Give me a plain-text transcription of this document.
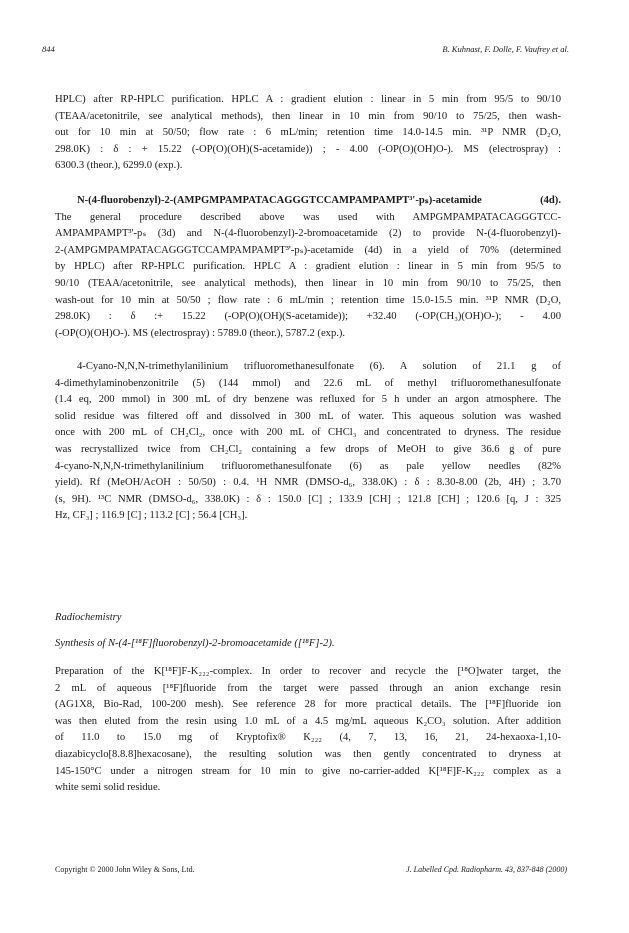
844	B. Kuhnast, F. Dolle, F. Vaufrey et al.
HPLC) after RP-HPLC purification. HPLC A : gradient elution : linear in 5 min from 95/5 to 90/10
(TEAA/acetonitrile, see analytical methods), then linear in 10 min from 90/10 to 75/25, then wash-
out for 10 min at 50/50; flow rate : 6 mL/min; retention time 14.0-14.5 min. ³¹P NMR (D₂O,
298.0K) : δ : + 15.22 (-OP(O)(OH)(S-acetamide)) ; - 4.00 (-OP(O)(OH)O-). MS (electrospray) :
6300.3 (theor.), 6299.0 (exp.).
N-(4-fluorobenzyl)-2-(AMPGMPAMPATACAGGGTCCAMPAMPAMPT³'-pₛ)-acetamide (4d).
The general procedure described above was used with AMPGMPAMPATACAGGGTCC-
AMPAMPAMPT³'-pₛ (3d) and N-(4-fluorobenzyl)-2-bromoacetamide (2) to provide N-(4-fluorobenzyl)-
2-(AMPGMPAMPATACAGGGTCCAMPAMPAMPT³'-pₛ)-acetamide (4d) in a yield of 70% (determined
by HPLC) after RP-HPLC purification. HPLC A : gradient elution : linear in 5 min from 95/5 to
90/10 (TEAA/acetonitrile, see analytical methods), then linear in 10 min from 90/10 to 75/25, then
wash-out for 10 min at 50/50 ; flow rate : 6 mL/min ; retention time 15.0-15.5 min. ³¹P NMR (D₂O,
298.0K) : δ :+ 15.22 (-OP(O)(OH)(S-acetamide)); +32.40 (-OP(CH₃)(OH)O-); - 4.00
(-OP(O)(OH)O-). MS (electrospray) : 5789.0 (theor.), 5787.2 (exp.).
4-Cyano-N,N,N-trimethylanilinium trifluoromethanesulfonate (6). A solution of 21.1 g of
4-dimethylaminobenzonitrile (5) (144 mmol) and 22.6 mL of methyl trifluoromethanesulfonate
(1.4 eq, 200 mmol) in 300 mL of dry benzene was refluxed for 5 h under an argon atmosphere. The
solid residue was filtered off and dissolved in 300 mL of water. This aqueous solution was washed
once with 200 mL of CH₂Cl₂, once with 200 mL of CHCl₃ and concentrated to dryness. The residue
was recrystallized twice from CH₂Cl₂ containing a few drops of MeOH to give 36.6 g of pure
4-cyano-N,N,N-trimethylanilinium trifluoromethanesulfonate (6) as pale yellow needles (82%
yield). Rf (MeOH/AcOH : 50/50) : 0.4. ¹H NMR (DMSO-d₆, 338.0K) : δ : 8.30-8.00 (2b, 4H) ; 3.70
(s, 9H). ¹³C NMR (DMSO-d₆, 338.0K) : δ : 150.0 [C] ; 133.9 [CH] ; 121.8 [CH] ; 120.6 [q, J : 325
Hz, CF₃] ; 116.9 [C] ; 113.2 [C] ; 56.4 [CH₃].
Radiochemistry
Synthesis of N-(4-[¹⁸F]fluorobenzyl)-2-bromoacetamide ([¹⁸F]-2).
Preparation of the K[¹⁸F]F-K₂₂₂-complex. In order to recover and recycle the [¹⁸O]water target, the
2 mL of aqueous [¹⁸F]fluoride from the target were passed through an anion exchange resin
(AG1X8, Bio-Rad, 100-200 mesh). See reference 28 for more practical details. The [¹⁸F]fluoride ion
was then eluted from the resin using 1.0 mL of a 4.5 mg/mL aqueous K₂CO₃ solution. After addition
of 11.0 to 15.0 mg of Kryptofix® K₂₂₂ (4, 7, 13, 16, 21, 24-hexaoxa-1,10-
diazabicyclo[8.8.8]hexacosane), the resulting solution was then gently concentrated to dryness at
145-150°C under a nitrogen stream for 10 min to give no-carrier-added K[¹⁸F]F-K₂₂₂ complex as a
white semi solid residue.
Copyright © 2000 John Wiley & Sons, Ltd.	J. Labelled Cpd. Radiopharm. 43, 837-848 (2000)
